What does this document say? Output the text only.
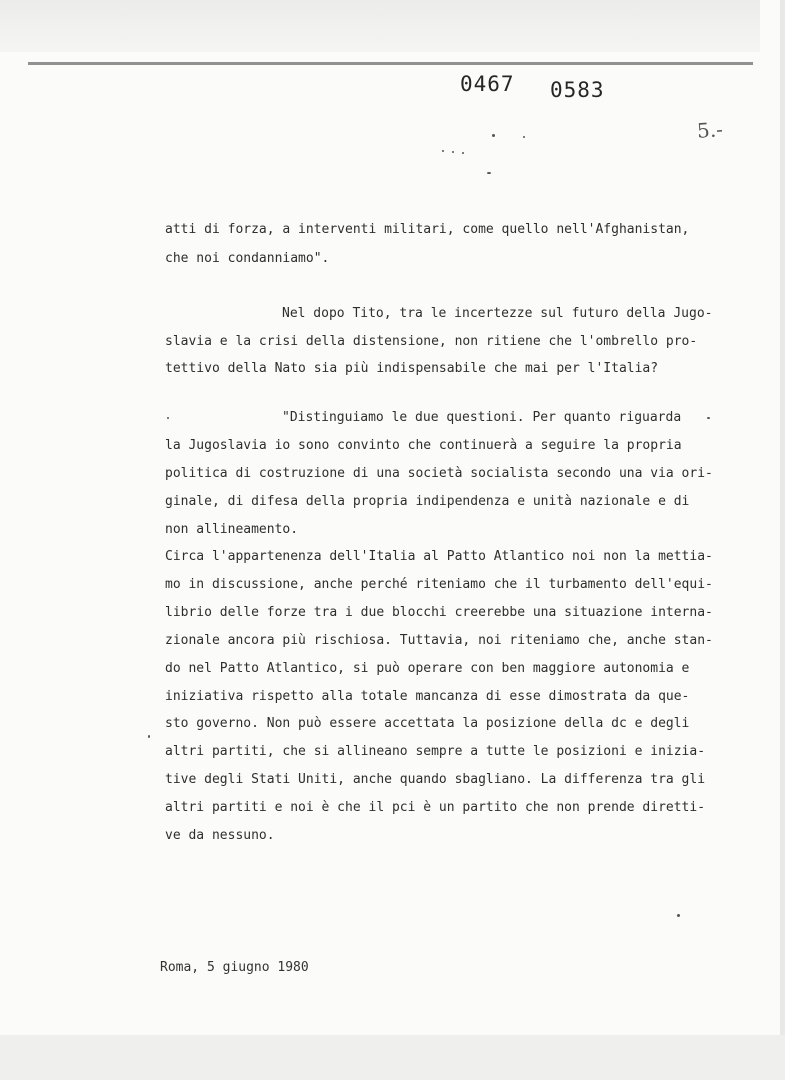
0467 0583
5.-
atti di forza, a interventi militari, come quello nell'Afghanistan,
che noi condanniamo".
Nel dopo Tito, tra le incertezze sul futuro della Jugo-
slavia e la crisi della distensione, non ritiene che l'ombrello pro-
tettivo della Nato sia più indispensabile che mai per l'Italia?
"Distinguiamo le due questioni. Per quanto riguarda
la Jugoslavia io sono convinto che continuerà a seguire la propria
politica di costruzione di una società socialista secondo una via ori-
ginale, di difesa della propria indipendenza e unità nazionale e di
non allineamento.
Circa l'appartenenza dell'Italia al Patto Atlantico noi non la mettia-
mo in discussione, anche perché riteniamo che il turbamento dell'equi-
librio delle forze tra i due blocchi creerebbe una situazione interna-
zionale ancora più rischiosa. Tuttavia, noi riteniamo che, anche stan-
do nel Patto Atlantico, si può operare con ben maggiore autonomia e
iniziativa rispetto alla totale mancanza di esse dimostrata da que-
sto governo. Non può essere accettata la posizione della dc e degli
altri partiti, che si allineano sempre a tutte le posizioni e inizia-
tive degli Stati Uniti, anche quando sbagliano. La differenza tra gli
altri partiti e noi è che il pci è un partito che non prende diretti-
ve da nessuno.
Roma, 5 giugno 1980
